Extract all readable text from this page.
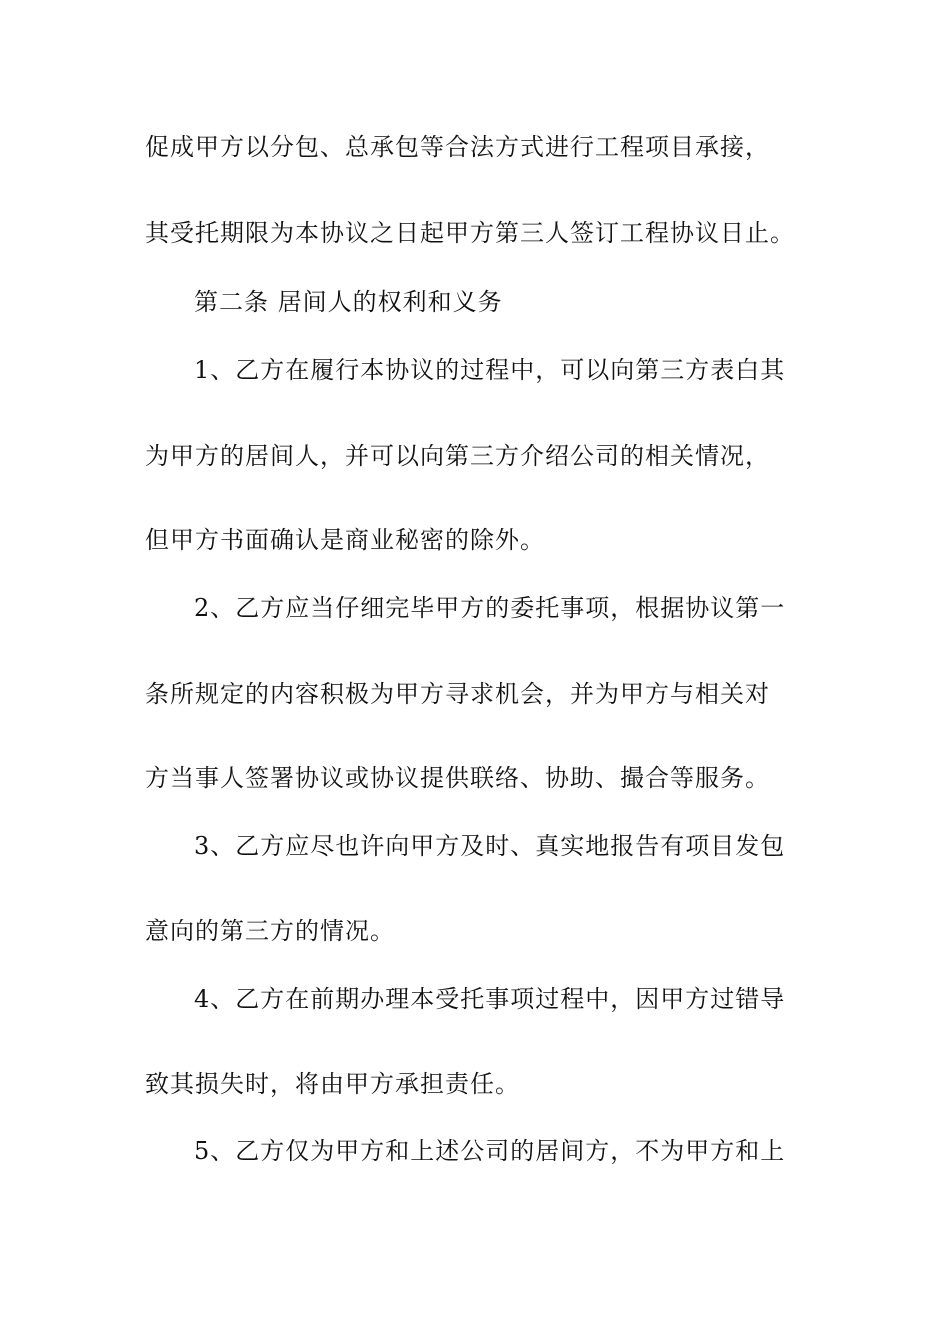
促成甲方以分包、总承包等合法方式进行工程项目承接，
其受托期限为本协议之日起甲方第三人签订工程协议日止。
第二条 居间人的权利和义务
1、乙方在履行本协议的过程中，可以向第三方表白其
为甲方的居间人，并可以向第三方介绍公司的相关情况，
但甲方书面确认是商业秘密的除外。
2、乙方应当仔细完毕甲方的委托事项，根据协议第一
条所规定的内容积极为甲方寻求机会，并为甲方与相关对
方当事人签署协议或协议提供联络、协助、撮合等服务。
3、乙方应尽也许向甲方及时、真实地报告有项目发包
意向的第三方的情况。
4、乙方在前期办理本受托事项过程中，因甲方过错导
致其损失时，将由甲方承担责任。
5、乙方仅为甲方和上述公司的居间方，不为甲方和上
